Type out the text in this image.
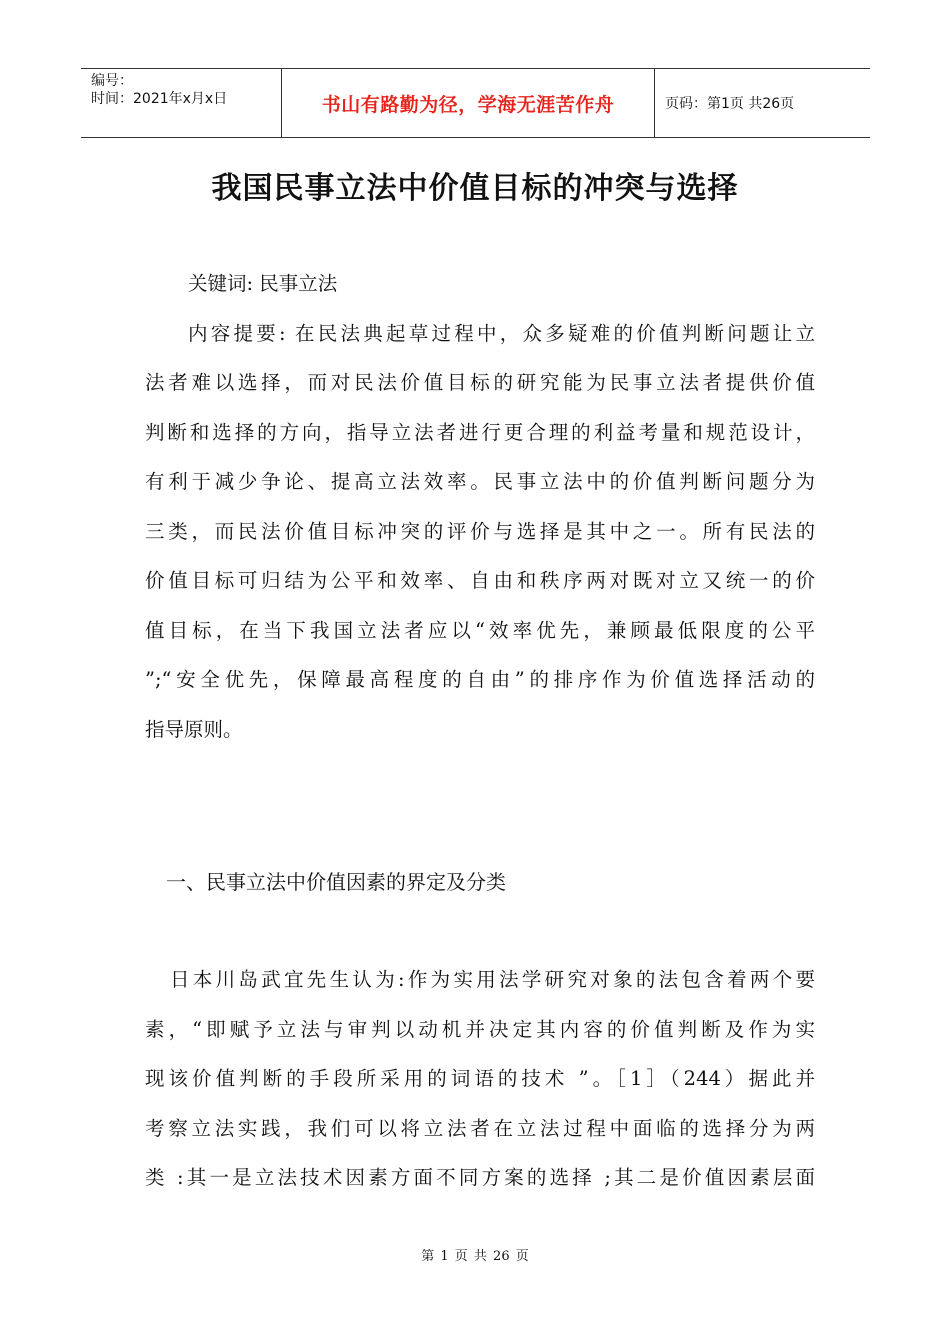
编号：
时间：2021年x月x日	书山有路勤为径，学海无涯苦作舟	页码：第1页 共26页
我国民事立法中价值目标的冲突与选择
关键词: 民事立法
内容提要: 在民法典起草过程中，众多疑难的价值判断问题让立
法者难以选择，而对民法价值目标的研究能为民事立法者提供价值
判断和选择的方向，指导立法者进行更合理的利益考量和规范设计，
有利于减少争论、提高立法效率。民事立法中的价值判断问题分为
三类，而民法价值目标冲突的评价与选择是其中之一。所有民法的
价值目标可归结为公平和效率、自由和秩序两对既对立又统一的价
值目标，在当下我国立法者应以“效率优先，兼顾最低限度的公平
”;“安全优先，保障最高程度的自由”的排序作为价值选择活动的
指导原则。
一、民事立法中价值因素的界定及分类
日本川岛武宜先生认为:作为实用法学研究对象的法包含着两个要
素，“即赋予立法与审判以动机并决定其内容的价值判断及作为实
现该价值判断的手段所采用的词语的技术 ”。［1］（244）据此并
考察立法实践，我们可以将立法者在立法过程中面临的选择分为两
类 :其一是立法技术因素方面不同方案的选择 ;其二是价值因素层面
第 1 页 共 26 页
